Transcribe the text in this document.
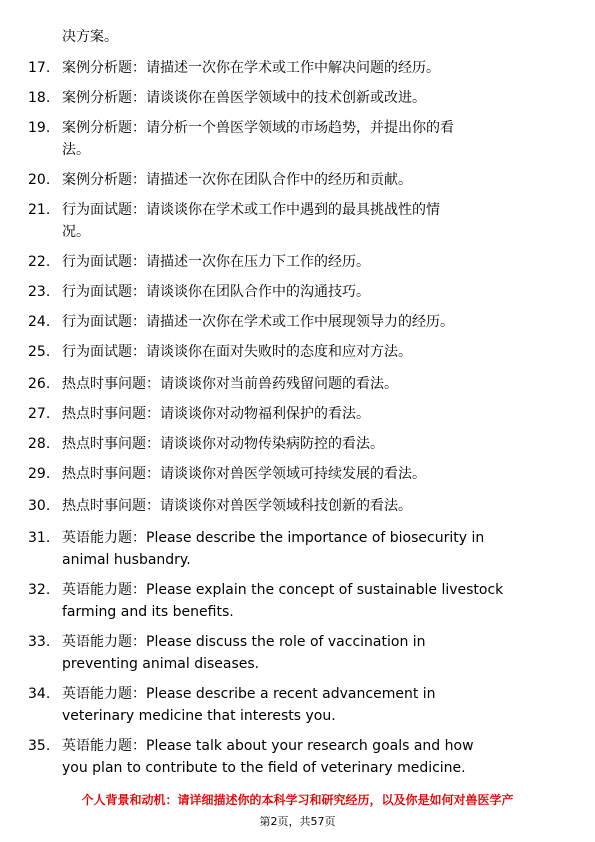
决方案。
17. 案例分析题：请描述一次你在学术或工作中解决问题的经历。
18. 案例分析题：请谈谈你在兽医学领域中的技术创新或改进。
19. 案例分析题：请分析一个兽医学领域的市场趋势，并提出你的看
法。
20. 案例分析题：请描述一次你在团队合作中的经历和贡献。
21. 行为面试题：请谈谈你在学术或工作中遇到的最具挑战性的情
况。
22. 行为面试题：请描述一次你在压力下工作的经历。
23. 行为面试题：请谈谈你在团队合作中的沟通技巧。
24. 行为面试题：请描述一次你在学术或工作中展现领导力的经历。
25. 行为面试题：请谈谈你在面对失败时的态度和应对方法。
26. 热点时事问题：请谈谈你对当前兽药残留问题的看法。
27. 热点时事问题：请谈谈你对动物福利保护的看法。
28. 热点时事问题：请谈谈你对动物传染病防控的看法。
29. 热点时事问题：请谈谈你对兽医学领域可持续发展的看法。
30. 热点时事问题：请谈谈你对兽医学领域科技创新的看法。
31. 英语能力题：Please describe the importance of biosecurity in
animal husbandry.
32. 英语能力题：Please explain the concept of sustainable livestock
farming and its benefits.
33. 英语能力题：Please discuss the role of vaccination in
preventing animal diseases.
34. 英语能力题：Please describe a recent advancement in
veterinary medicine that interests you.
35. 英语能力题：Please talk about your research goals and how
you plan to contribute to the field of veterinary medicine.
个人背景和动机：请详细描述你的本科学习和研究经历，以及你是如何对兽医学产
第2页，共57页
